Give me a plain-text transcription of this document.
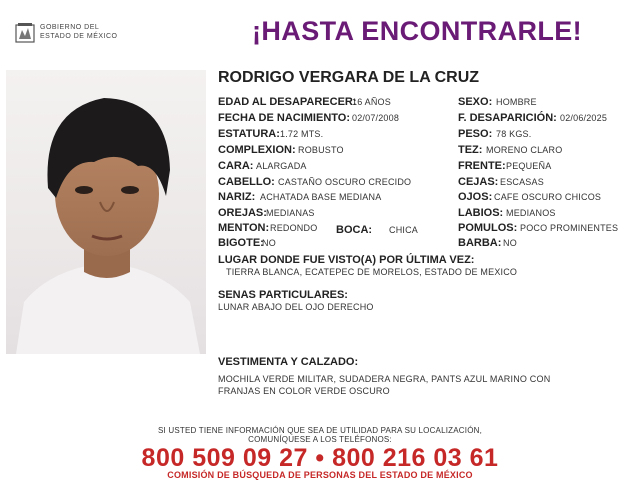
GOBIERNO DEL
ESTADO DE MÉXICO	¡HASTA ENCONTRARLE!
RODRIGO VERGARA DE LA CRUZ
EDAD AL DESAPARECER:
16 AÑOS
FECHA DE NACIMIENTO: 02/07/2008
ESTATURA: 1.72 MTS.
COMPLEXION: ROBUSTO
CARA: ALARGADA
CABELLO: CASTAÑO OSCURO CRECIDO
NARIZ: ACHATADA BASE MEDIANA
OREJAS: MEDIANAS
MENTON: REDONDO BOCA: CHICA
BIGOTE:
NO
SEXO: HOMBRE
F. DESAPARICIÓN: 02/06/2025
PESO: 78 KGS.
TEZ: MORENO CLARO
FRENTE: PEQUEÑA
CEJAS: ESCASAS
OJOS: CAFE OSCURO CHICOS
LABIOS: MEDIANOS
POMULOS: POCO PROMINENTES
BARBA: NO
LUGAR DONDE FUE VISTO(A) POR ÚLTIMA VEZ:
TIERRA BLANCA, ECATEPEC DE MORELOS, ESTADO DE MEXICO
SENAS PARTICULARES:
LUNAR ABAJO DEL OJO DERECHO
VESTIMENTA Y CALZADO:
MOCHILA VERDE MILITAR, SUDADERA NEGRA, PANTS AZUL MARINO CON FRANJAS EN COLOR VERDE OSCURO
SI USTED TIENE INFORMACIÓN QUE SEA DE UTILIDAD PARA SU LOCALIZACIÓN,
COMUNÍQUESE A LOS TELÉFONOS:
800 509 09 27 • 800 216 03 61
COMISIÓN DE BÚSQUEDA DE PERSONAS DEL ESTADO DE MÉXICO
